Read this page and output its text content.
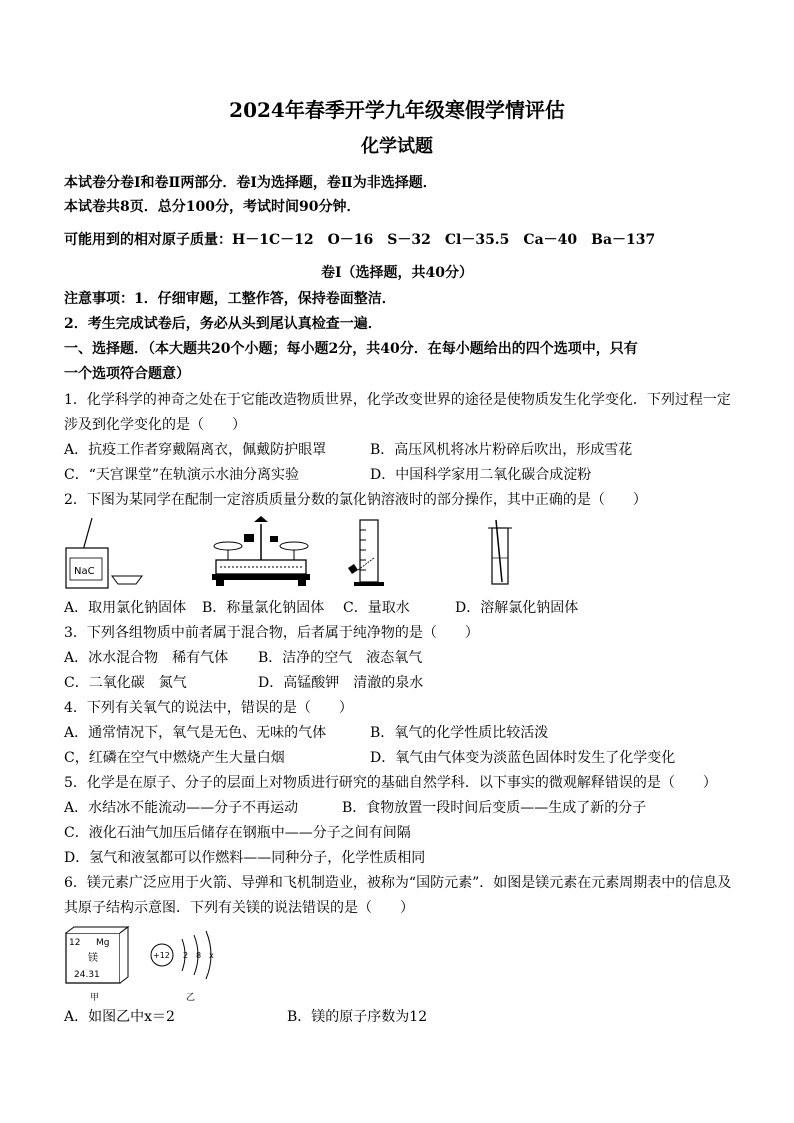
2024年春季开学九年级寒假学情评估
化学试题
本试卷分卷I和卷Ⅱ两部分．卷I为选择题，卷Ⅱ为非选择题．
本试卷共8页．总分100分，考试时间90分钟．
可能用到的相对原子质量：H－1C－12　O－16　S－32　Cl－35.5　Ca－40　Ba－137
卷I（选择题，共40分）
注意事项：1．仔细审题，工整作答，保持卷面整洁．
2．考生完成试卷后，务必从头到尾认真检查一遍．
一、选择题．（本大题共20个小题；每小题2分，共40分．在每小题给出的四个选项中，只有
一个选项符合题意）
1．化学科学的神奇之处在于它能改造物质世界，化学改变世界的途径是使物质发生化学变化．下列过程一定
涉及到化学变化的是（　　）
A．抗疫工作者穿戴隔离衣，佩戴防护眼罩	B．高压风机将冰片粉碎后吹出，形成雪花
C．“天宫课堂”在轨演示水油分离实验	D．中国科学家用二氧化碳合成淀粉
2．下图为某同学在配制一定溶质质量分数的氯化钠溶液时的部分操作，其中正确的是（　　）
NaC
A．取用氯化钠固体 B．称量氯化钠固体 C．量取水	D．溶解氯化钠固体
3．下列各组物质中前者属于混合物，后者属于纯净物的是（　　）
A．冰水混合物　稀有气体 B．洁净的空气　液态氧气
C．二氧化碳　氮气	D．高锰酸钾　清澈的泉水
4．下列有关氧气的说法中，错误的是（　　）
A．通常情况下，氧气是无色、无味的气体	B．氧气的化学性质比较活泼
C，红磷在空气中燃烧产生大量白烟	D．氧气由气体变为淡蓝色固体时发生了化学变化
5．化学是在原子、分子的层面上对物质进行研究的基础自然学科．以下事实的微观解释错误的是（　　）
A．水结冰不能流动——分子不再运动	B．食物放置一段时间后变质——生成了新的分子
C．液化石油气加压后储存在钢瓶中——分子之间有间隔
D．氢气和液氢都可以作燃料——同种分子，化学性质相同
6．镁元素广泛应用于火箭、导弹和飞机制造业，被称为“国防元素”．如图是镁元素在元素周期表中的信息及
其原子结构示意图．下列有关镁的说法错误的是（　　）
12 Mg
镁
24.31
+12 2 8 x
甲	乙
A．如图乙中x＝2	B．镁的原子序数为12
